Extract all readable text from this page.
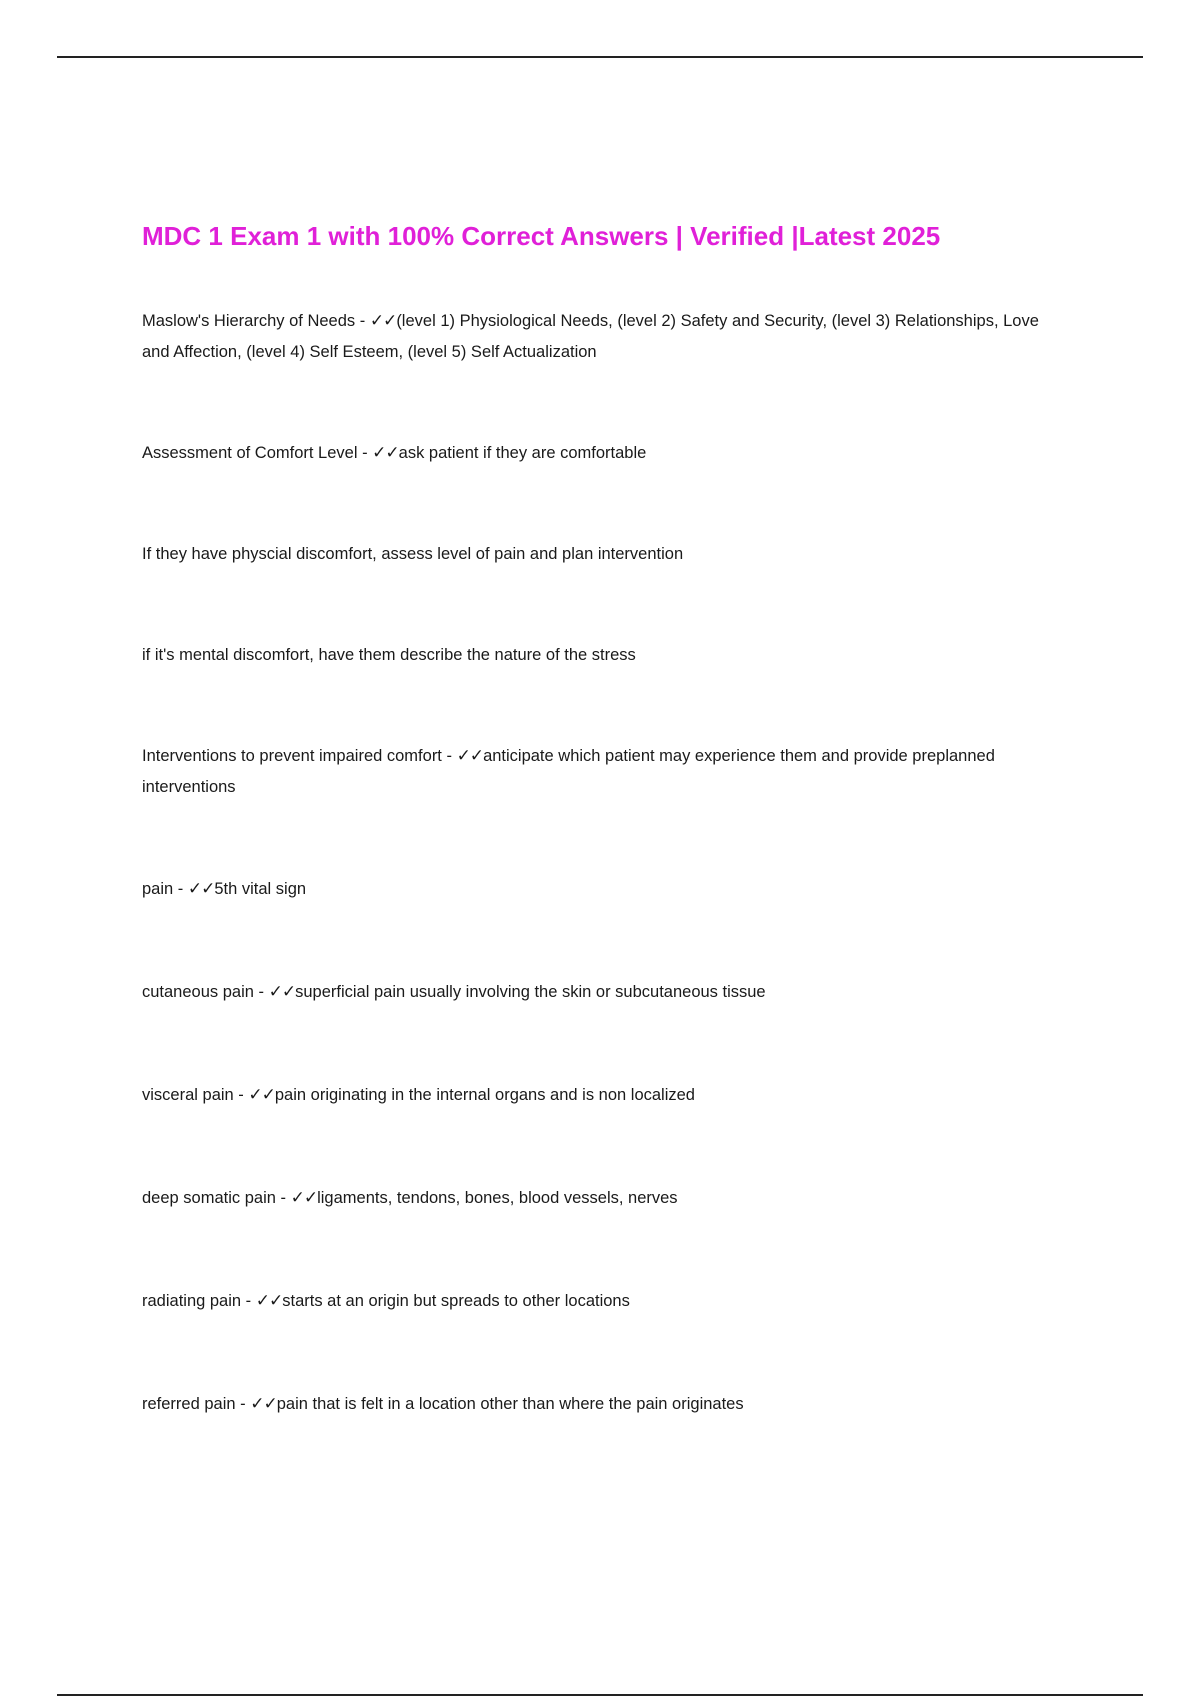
MDC 1 Exam 1 with 100% Correct Answers | Verified |Latest 2025

Maslow's Hierarchy of Needs - ✓✓(level 1) Physiological Needs, (level 2) Safety and Security, (level 3) Relationships, Love and Affection, (level 4) Self Esteem, (level 5) Self Actualization

Assessment of Comfort Level - ✓✓ask patient if they are comfortable

If they have physcial discomfort, assess level of pain and plan intervention

if it's mental discomfort, have them describe the nature of the stress

Interventions to prevent impaired comfort - ✓✓anticipate which patient may experience them and provide preplanned interventions

pain - ✓✓5th vital sign

cutaneous pain - ✓✓superficial pain usually involving the skin or subcutaneous tissue

visceral pain - ✓✓pain originating in the internal organs and is non localized

deep somatic pain - ✓✓ligaments, tendons, bones, blood vessels, nerves

radiating pain - ✓✓starts at an origin but spreads to other locations

referred pain - ✓✓pain that is felt in a location other than where the pain originates
